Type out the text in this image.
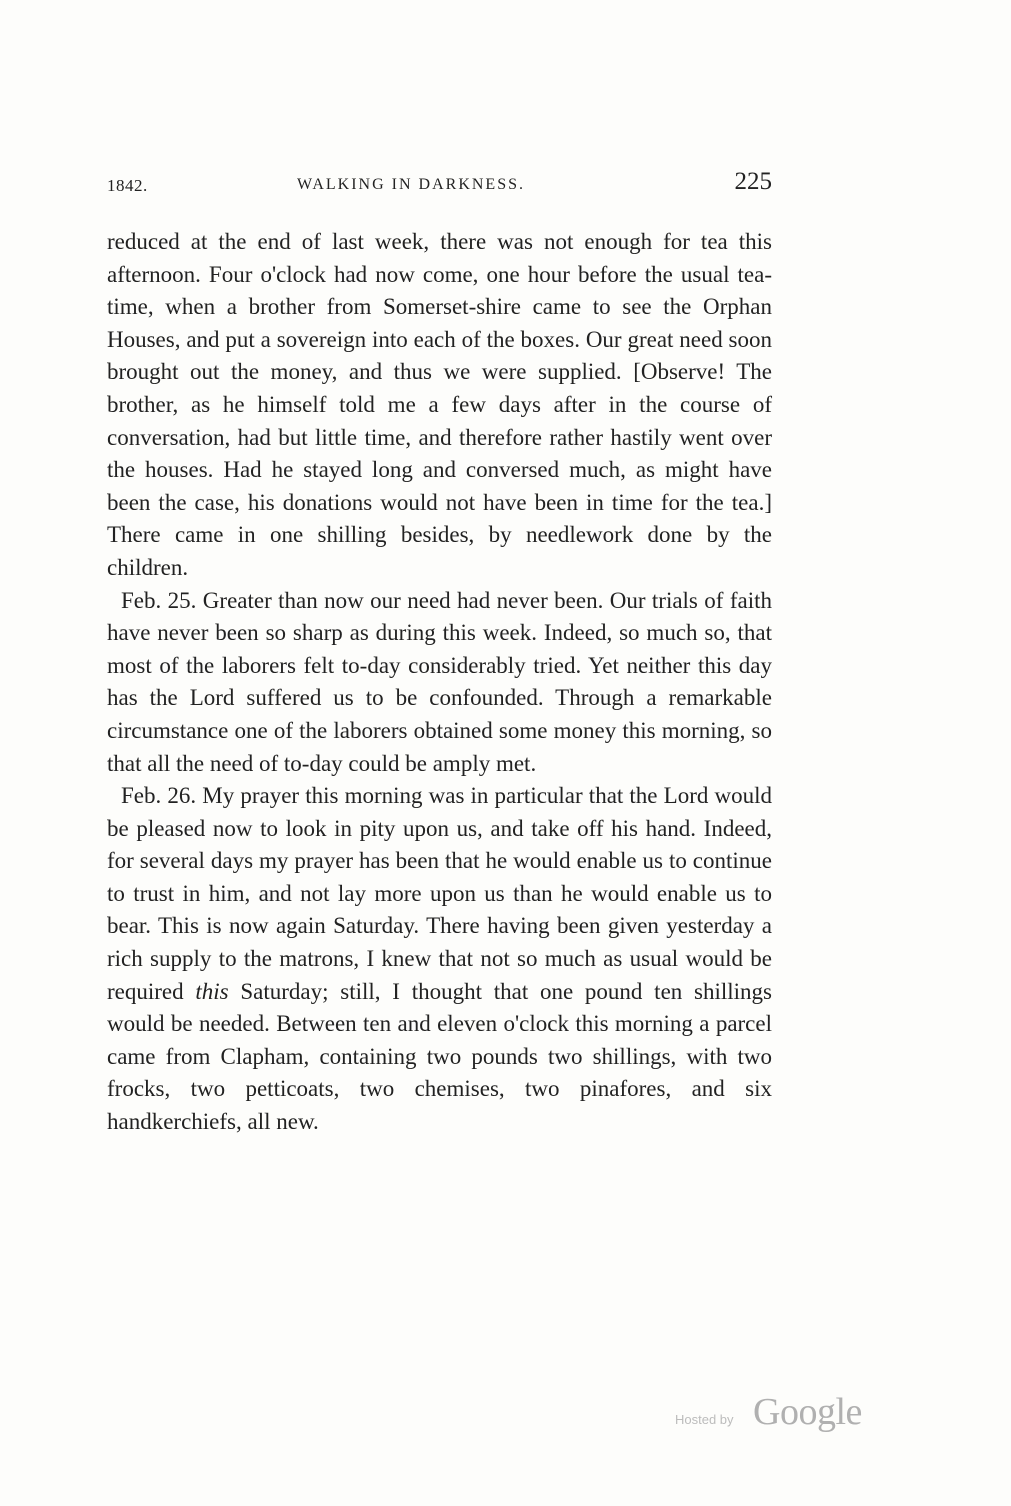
1842.	WALKING IN DARKNESS.	225

reduced at the end of last week, there was not enough for tea this afternoon. Four o'clock had now come, one hour before the usual tea-time, when a brother from Somerset-shire came to see the Orphan Houses, and put a sovereign into each of the boxes. Our great need soon brought out the money, and thus we were supplied. [Observe! The brother, as he himself told me a few days after in the course of conversation, had but little time, and therefore rather hastily went over the houses. Had he stayed long and conversed much, as might have been the case, his donations would not have been in time for the tea.] There came in one shilling besides, by needlework done by the children.

Feb. 25. Greater than now our need had never been. Our trials of faith have never been so sharp as during this week. Indeed, so much so, that most of the laborers felt to-day considerably tried. Yet neither this day has the Lord suffered us to be confounded. Through a remarkable circumstance one of the laborers obtained some money this morning, so that all the need of to-day could be amply met.

Feb. 26. My prayer this morning was in particular that the Lord would be pleased now to look in pity upon us, and take off his hand. Indeed, for several days my prayer has been that he would enable us to continue to trust in him, and not lay more upon us than he would enable us to bear. This is now again Saturday. There having been given yesterday a rich supply to the matrons, I knew that not so much as usual would be required this Saturday; still, I thought that one pound ten shillings would be needed. Between ten and eleven o'clock this morning a parcel came from Clapham, containing two pounds two shillings, with two frocks, two petticoats, two chemises, two pinafores, and six handkerchiefs, all new.

Hosted by Google
